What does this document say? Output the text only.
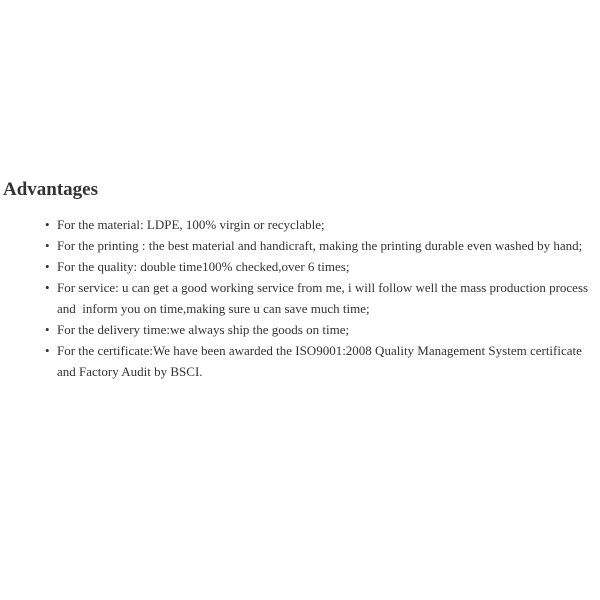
Advantages
• For the material: LDPE, 100% virgin or recyclable;
• For the printing : the best material and handicraft, making the printing durable even washed by hand;
• For the quality: double time100% checked,over 6 times;
• For service: u can get a good working service from me, i will follow well the mass production process and  inform you on time,making sure u can save much time;
• For the delivery time:we always ship the goods on time;
• For the certificate:We have been awarded the ISO9001:2008 Quality Management System certificate and Factory Audit by BSCI.
